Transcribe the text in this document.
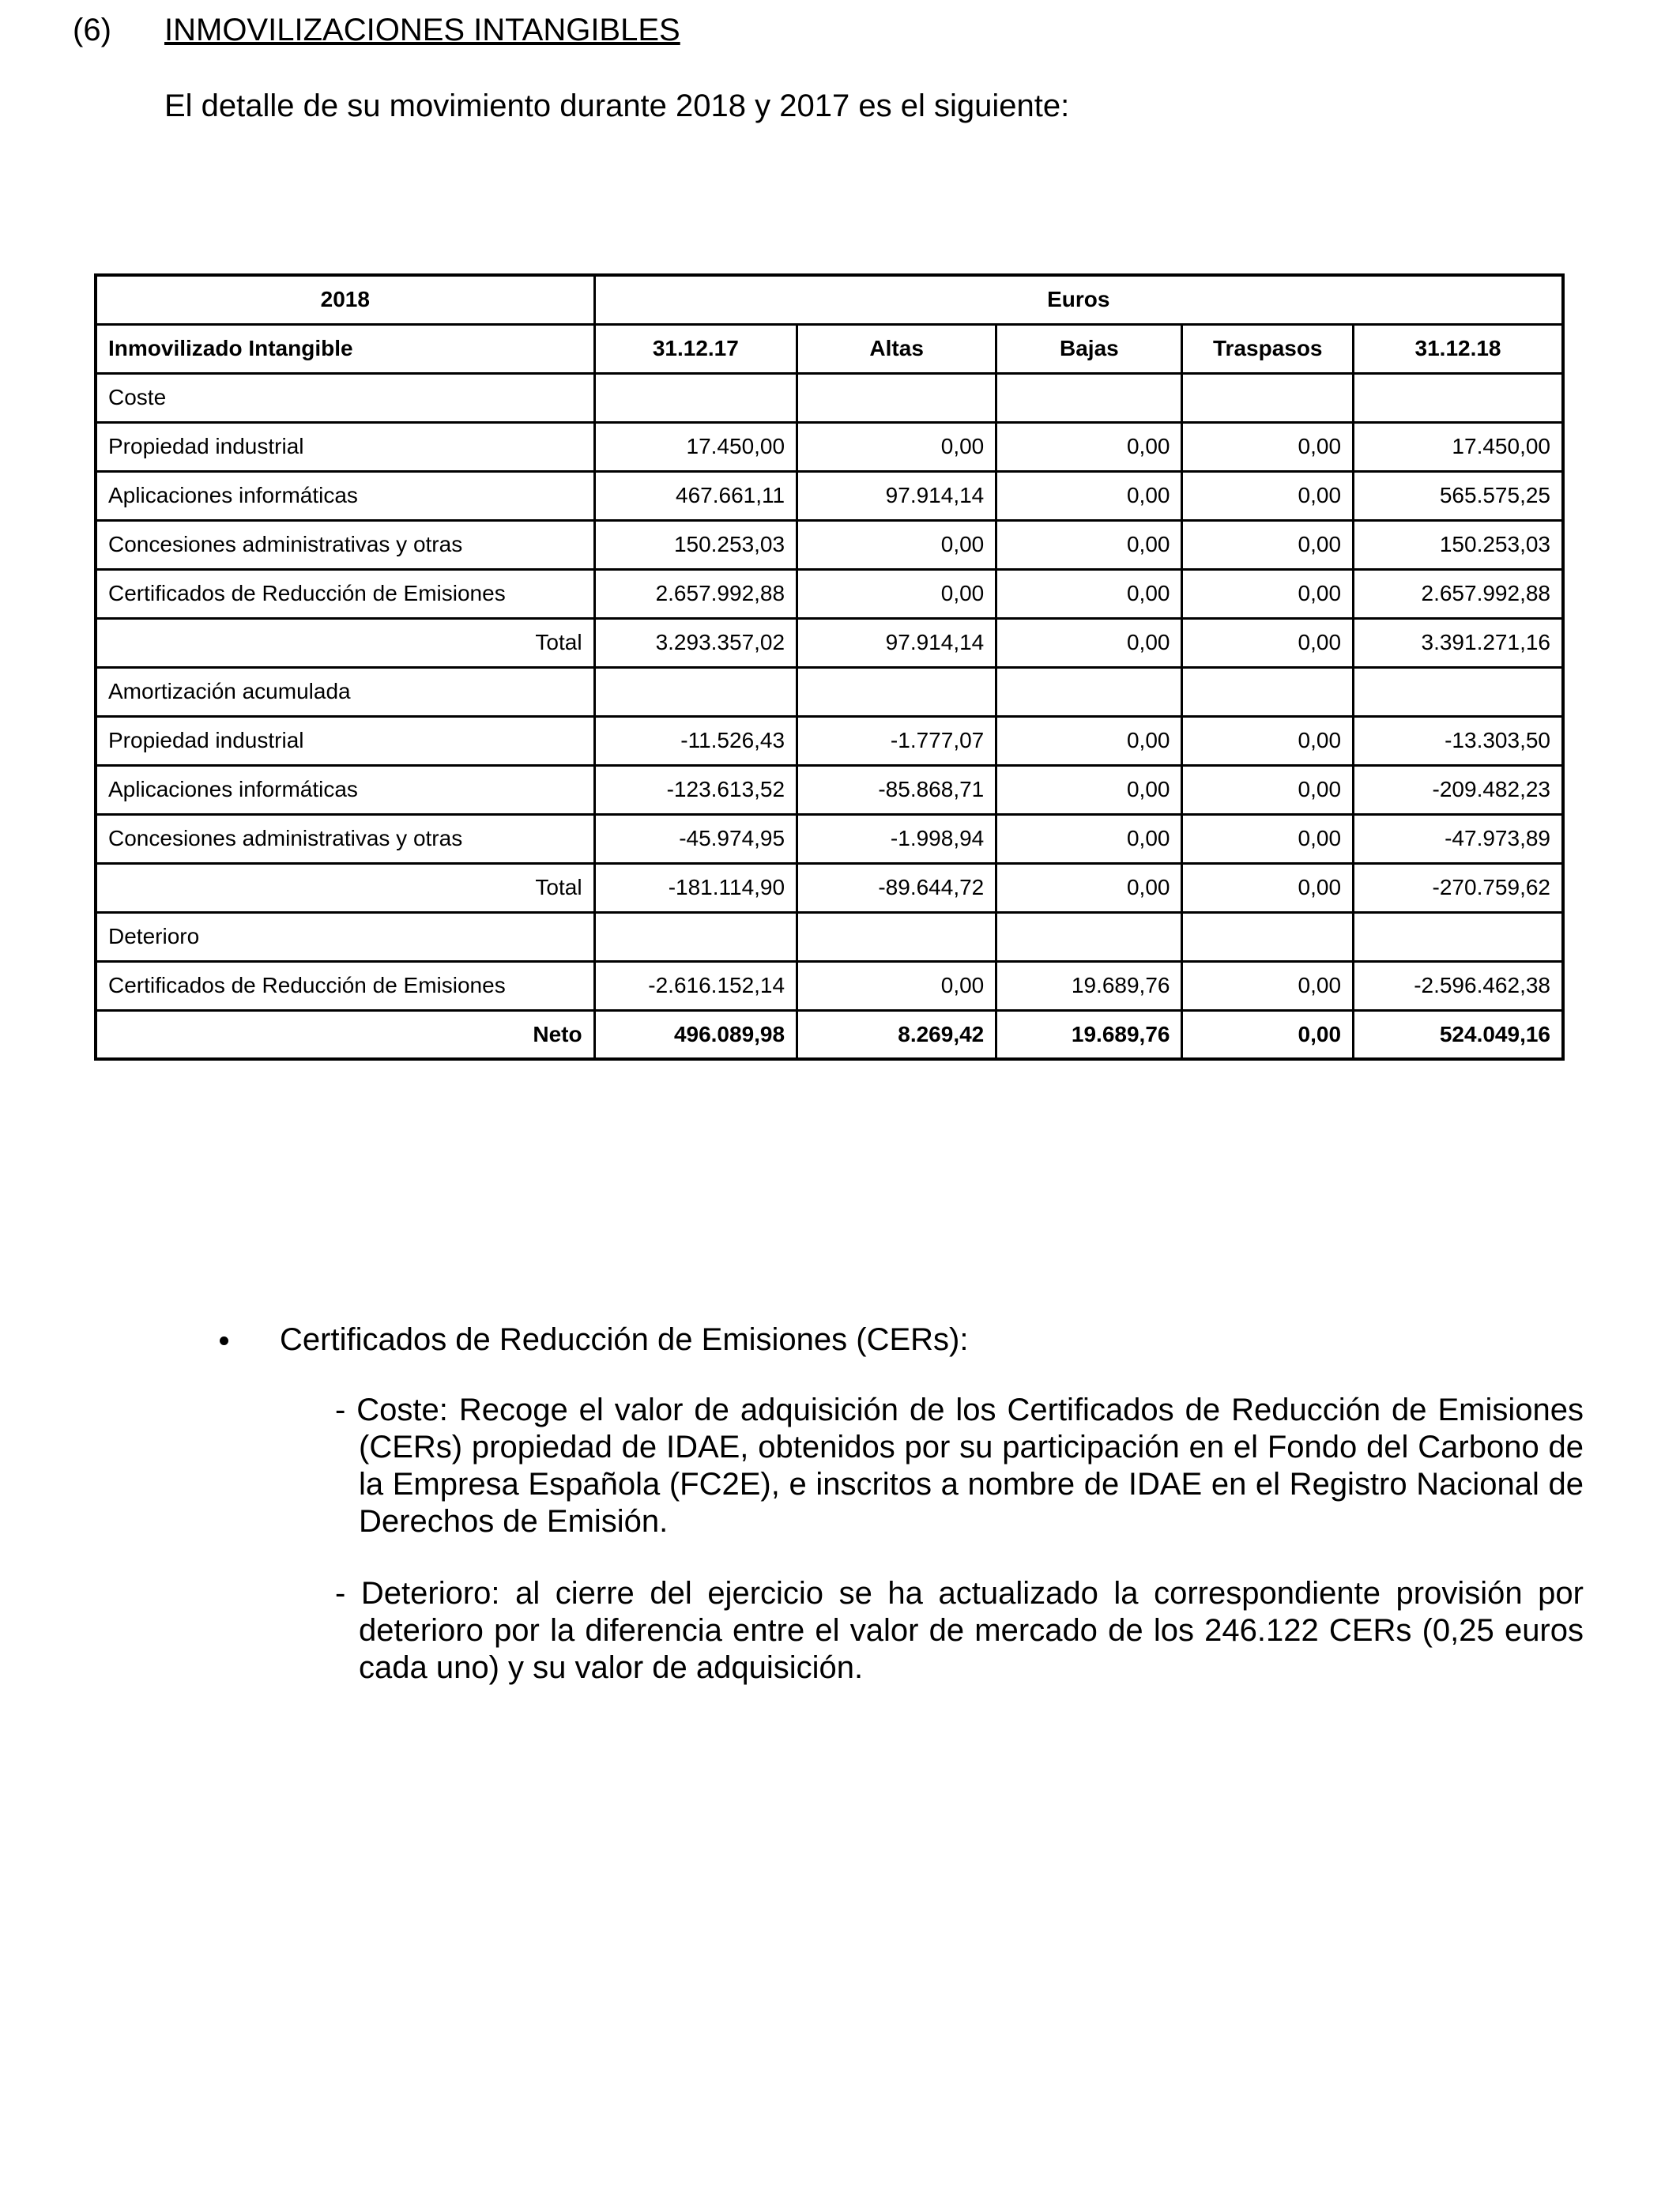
(6) INMOVILIZACIONES INTANGIBLES
El detalle de su movimiento durante 2018 y 2017 es el siguiente:
2018	Euros				
Inmovilizado Intangible	31.12.17	Altas	Bajas	Traspasos	31.12.18
Coste					
Propiedad industrial	17.450,00	0,00	0,00	0,00	17.450,00
Aplicaciones informáticas	467.661,11	97.914,14	0,00	0,00	565.575,25
Concesiones administrativas y otras	150.253,03	0,00	0,00	0,00	150.253,03
Certificados de Reducción de Emisiones	2.657.992,88	0,00	0,00	0,00	2.657.992,88
Total	3.293.357,02	97.914,14	0,00	0,00	3.391.271,16
Amortización acumulada					
Propiedad industrial	-11.526,43	-1.777,07	0,00	0,00	-13.303,50
Aplicaciones informáticas	-123.613,52	-85.868,71	0,00	0,00	-209.482,23
Concesiones administrativas y otras	-45.974,95	-1.998,94	0,00	0,00	-47.973,89
Total	-181.114,90	-89.644,72	0,00	0,00	-270.759,62
Deterioro					
Certificados de Reducción de Emisiones	-2.616.152,14	0,00	19.689,76	0,00	-2.596.462,38
Neto	496.089,98	8.269,42	19.689,76	0,00	524.049,16
Certificados de Reducción de Emisiones (CERs):
- Coste: Recoge el valor de adquisición de los Certificados de Reducción de Emisiones (CERs) propiedad de IDAE, obtenidos por su participación en el Fondo del Carbono de la Empresa Española (FC2E), e inscritos a nombre de IDAE en el Registro Nacional de Derechos de Emisión.
- Deterioro: al cierre del ejercicio se ha actualizado la correspondiente provisión por deterioro por la diferencia entre el valor de mercado de los 246.122 CERs (0,25 euros cada uno) y su valor de adquisición.
